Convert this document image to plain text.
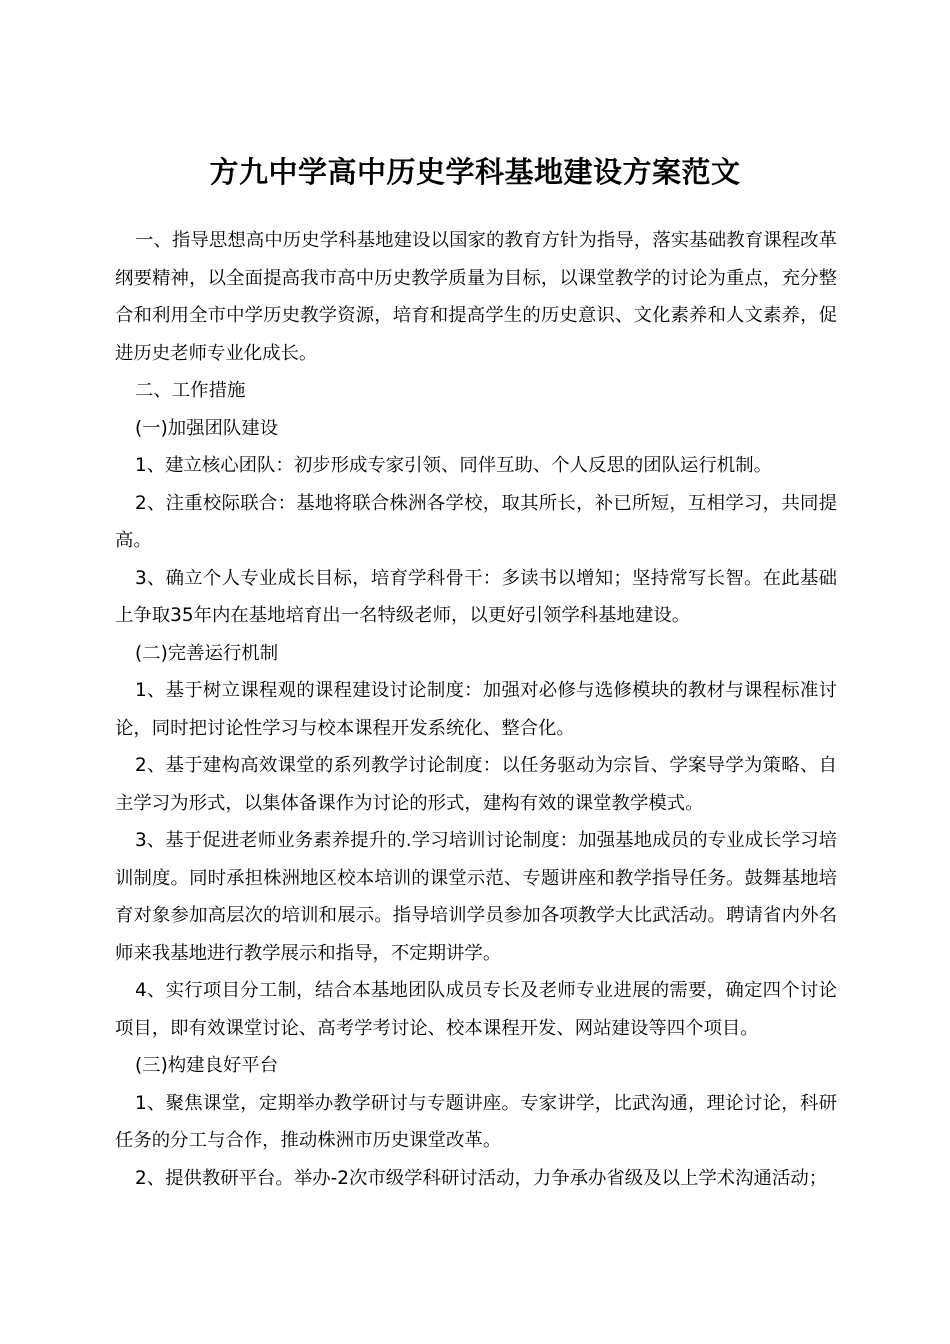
方九中学高中历史学科基地建设方案范文

一、指导思想高中历史学科基地建设以国家的教育方针为指导，落实基础教育课程改革纲要精神，以全面提高我市高中历史教学质量为目标，以课堂教学的讨论为重点，充分整合和利用全市中学历史教学资源，培育和提高学生的历史意识、文化素养和人文素养，促进历史老师专业化成长。

二、工作措施

(一)加强团队建设

1、建立核心团队：初步形成专家引领、同伴互助、个人反思的团队运行机制。

2、注重校际联合：基地将联合株洲各学校，取其所长，补已所短，互相学习，共同提高。

3、确立个人专业成长目标，培育学科骨干：多读书以增知；坚持常写长智。在此基础上争取35年内在基地培育出一名特级老师，以更好引领学科基地建设。

(二)完善运行机制

1、基于树立课程观的课程建设讨论制度：加强对必修与选修模块的教材与课程标准讨论，同时把讨论性学习与校本课程开发系统化、整合化。

2、基于建构高效课堂的系列教学讨论制度：以任务驱动为宗旨、学案导学为策略、自主学习为形式，以集体备课作为讨论的形式，建构有效的课堂教学模式。

3、基于促进老师业务素养提升的.学习培训讨论制度：加强基地成员的专业成长学习培训制度。同时承担株洲地区校本培训的课堂示范、专题讲座和教学指导任务。鼓舞基地培育对象参加高层次的培训和展示。指导培训学员参加各项教学大比武活动。聘请省内外名师来我基地进行教学展示和指导，不定期讲学。

4、实行项目分工制，结合本基地团队成员专长及老师专业进展的需要，确定四个讨论项目，即有效课堂讨论、高考学考讨论、校本课程开发、网站建设等四个项目。

(三)构建良好平台

1、聚焦课堂，定期举办教学研讨与专题讲座。专家讲学，比武沟通，理论讨论，科研任务的分工与合作，推动株洲市历史课堂改革。

2、提供教研平台。举办-2次市级学科研讨活动，力争承办省级及以上学术沟通活动；
